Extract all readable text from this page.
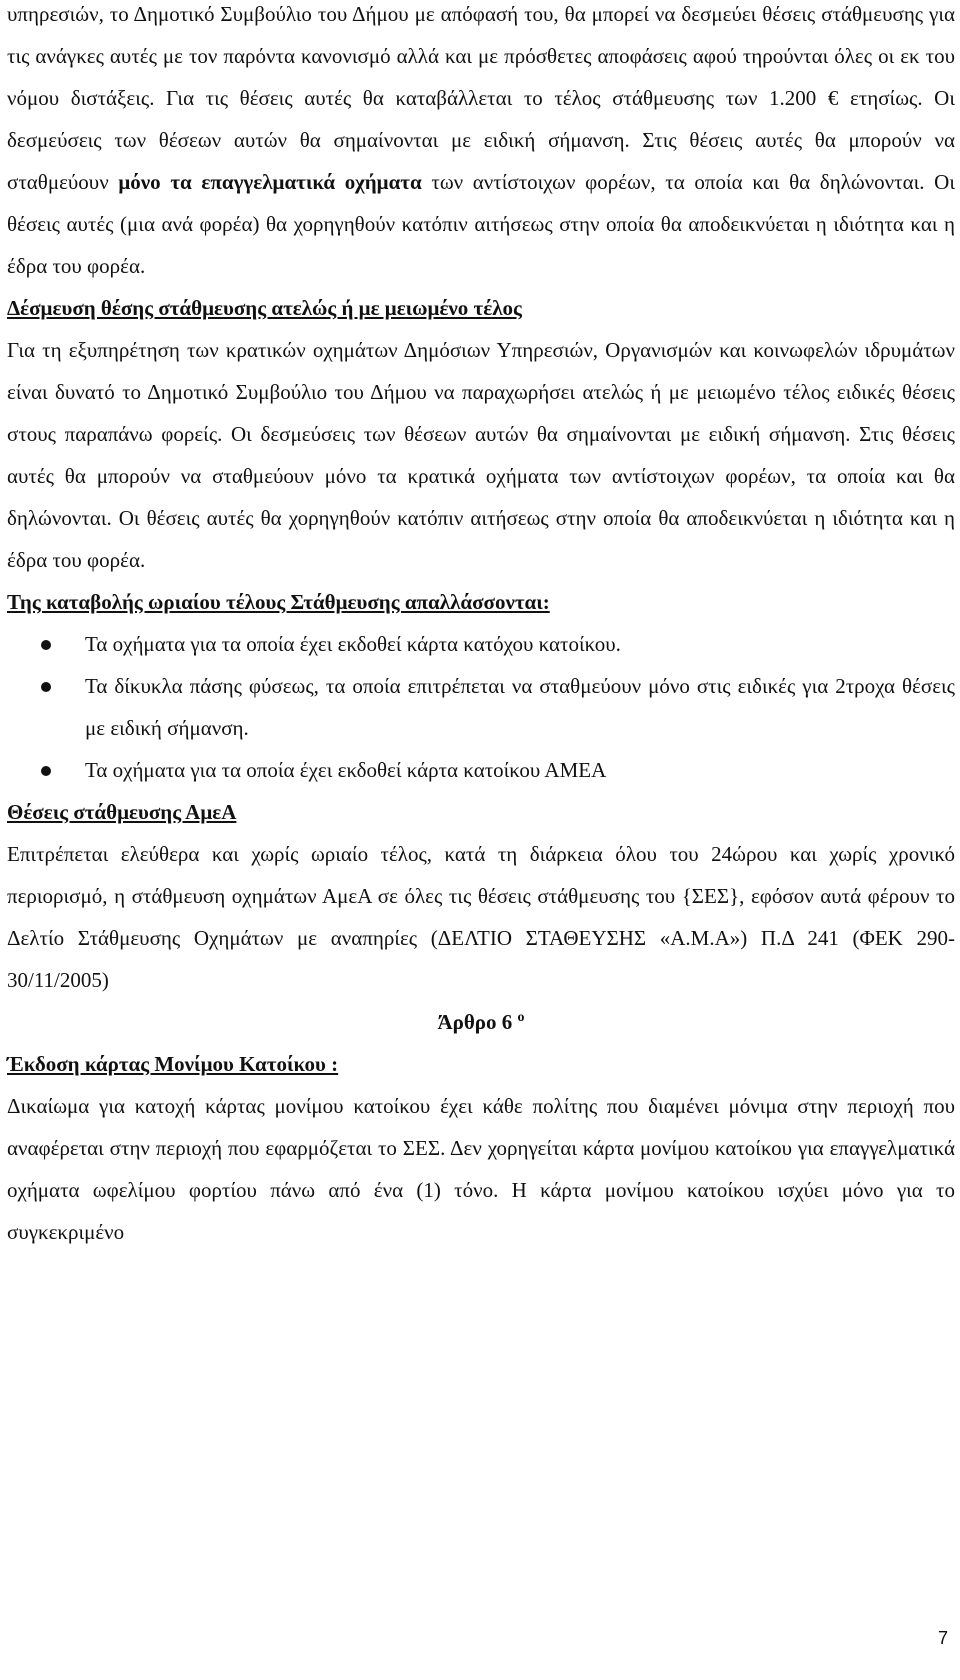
υπηρεσιών, το Δημοτικό Συμβούλιο του Δήμου με απόφασή του, θα μπορεί να δεσμεύει θέσεις στάθμευσης για τις ανάγκες αυτές με τον παρόντα κανονισμό αλλά και με πρόσθετες αποφάσεις αφού τηρούνται όλες οι εκ του νόμου διστάξεις. Για τις θέσεις αυτές θα καταβάλλεται το τέλος στάθμευσης των 1.200 € ετησίως. Οι δεσμεύσεις των θέσεων αυτών θα σημαίνονται με ειδική σήμανση. Στις θέσεις αυτές θα μπορούν να σταθμεύουν μόνο τα επαγγελματικά οχήματα των αντίστοιχων φορέων, τα οποία και θα δηλώνονται. Οι θέσεις αυτές (μια ανά φορέα) θα χορηγηθούν κατόπιν αιτήσεως στην οποία θα αποδεικνύεται η ιδιότητα και η έδρα του φορέα.

Δέσμευση θέσης στάθμευσης ατελώς ή με μειωμένο τέλος

Για τη εξυπηρέτηση των κρατικών οχημάτων Δημόσιων Υπηρεσιών, Οργανισμών και κοινωφελών ιδρυμάτων είναι δυνατό το Δημοτικό Συμβούλιο του Δήμου να παραχωρήσει ατελώς ή με μειωμένο τέλος ειδικές θέσεις στους παραπάνω φορείς. Οι δεσμεύσεις των θέσεων αυτών θα σημαίνονται με ειδική σήμανση. Στις θέσεις αυτές θα μπορούν να σταθμεύουν μόνο τα κρατικά οχήματα των αντίστοιχων φορέων, τα οποία και θα δηλώνονται. Οι θέσεις αυτές θα χορηγηθούν κατόπιν αιτήσεως στην οποία θα αποδεικνύεται η ιδιότητα και η έδρα του φορέα.

Της καταβολής ωριαίου τέλους Στάθμευσης απαλλάσσονται:

Τα οχήματα για τα οποία έχει εκδοθεί κάρτα κατόχου κατοίκου.
Τα δίκυκλα πάσης φύσεως, τα οποία επιτρέπεται να σταθμεύουν μόνο στις ειδικές για 2τροχα θέσεις με ειδική σήμανση.
Τα οχήματα για τα οποία έχει εκδοθεί κάρτα κατοίκου ΑΜΕΑ

Θέσεις στάθμευσης ΑμεΑ

Επιτρέπεται ελεύθερα και χωρίς ωριαίο τέλος, κατά τη διάρκεια όλου του 24ώρου και χωρίς χρονικό περιορισμό, η στάθμευση οχημάτων ΑμεΑ σε όλες τις θέσεις στάθμευσης του {ΣΕΣ}, εφόσον αυτά φέρουν το Δελτίο Στάθμευσης Οχημάτων με αναπηρίες (ΔΕΛΤΙΟ ΣΤΑΘΕΥΣΗΣ «Α.Μ.Α») Π.Δ 241 (ΦΕΚ 290-30/11/2005)

Άρθρο 6 $^o$

Έκδοση κάρτας Μονίμου Κατοίκου :

Δικαίωμα για κατοχή κάρτας μονίμου κατοίκου έχει κάθε πολίτης που διαμένει μόνιμα στην περιοχή που αναφέρεται στην περιοχή που εφαρμόζεται το ΣΕΣ. Δεν χορηγείται κάρτα μονίμου κατοίκου για επαγγελματικά οχήματα ωφελίμου φορτίου πάνω από ένα (1) τόνο. Η κάρτα μονίμου κατοίκου ισχύει μόνο για το συγκεκριμένο

7
